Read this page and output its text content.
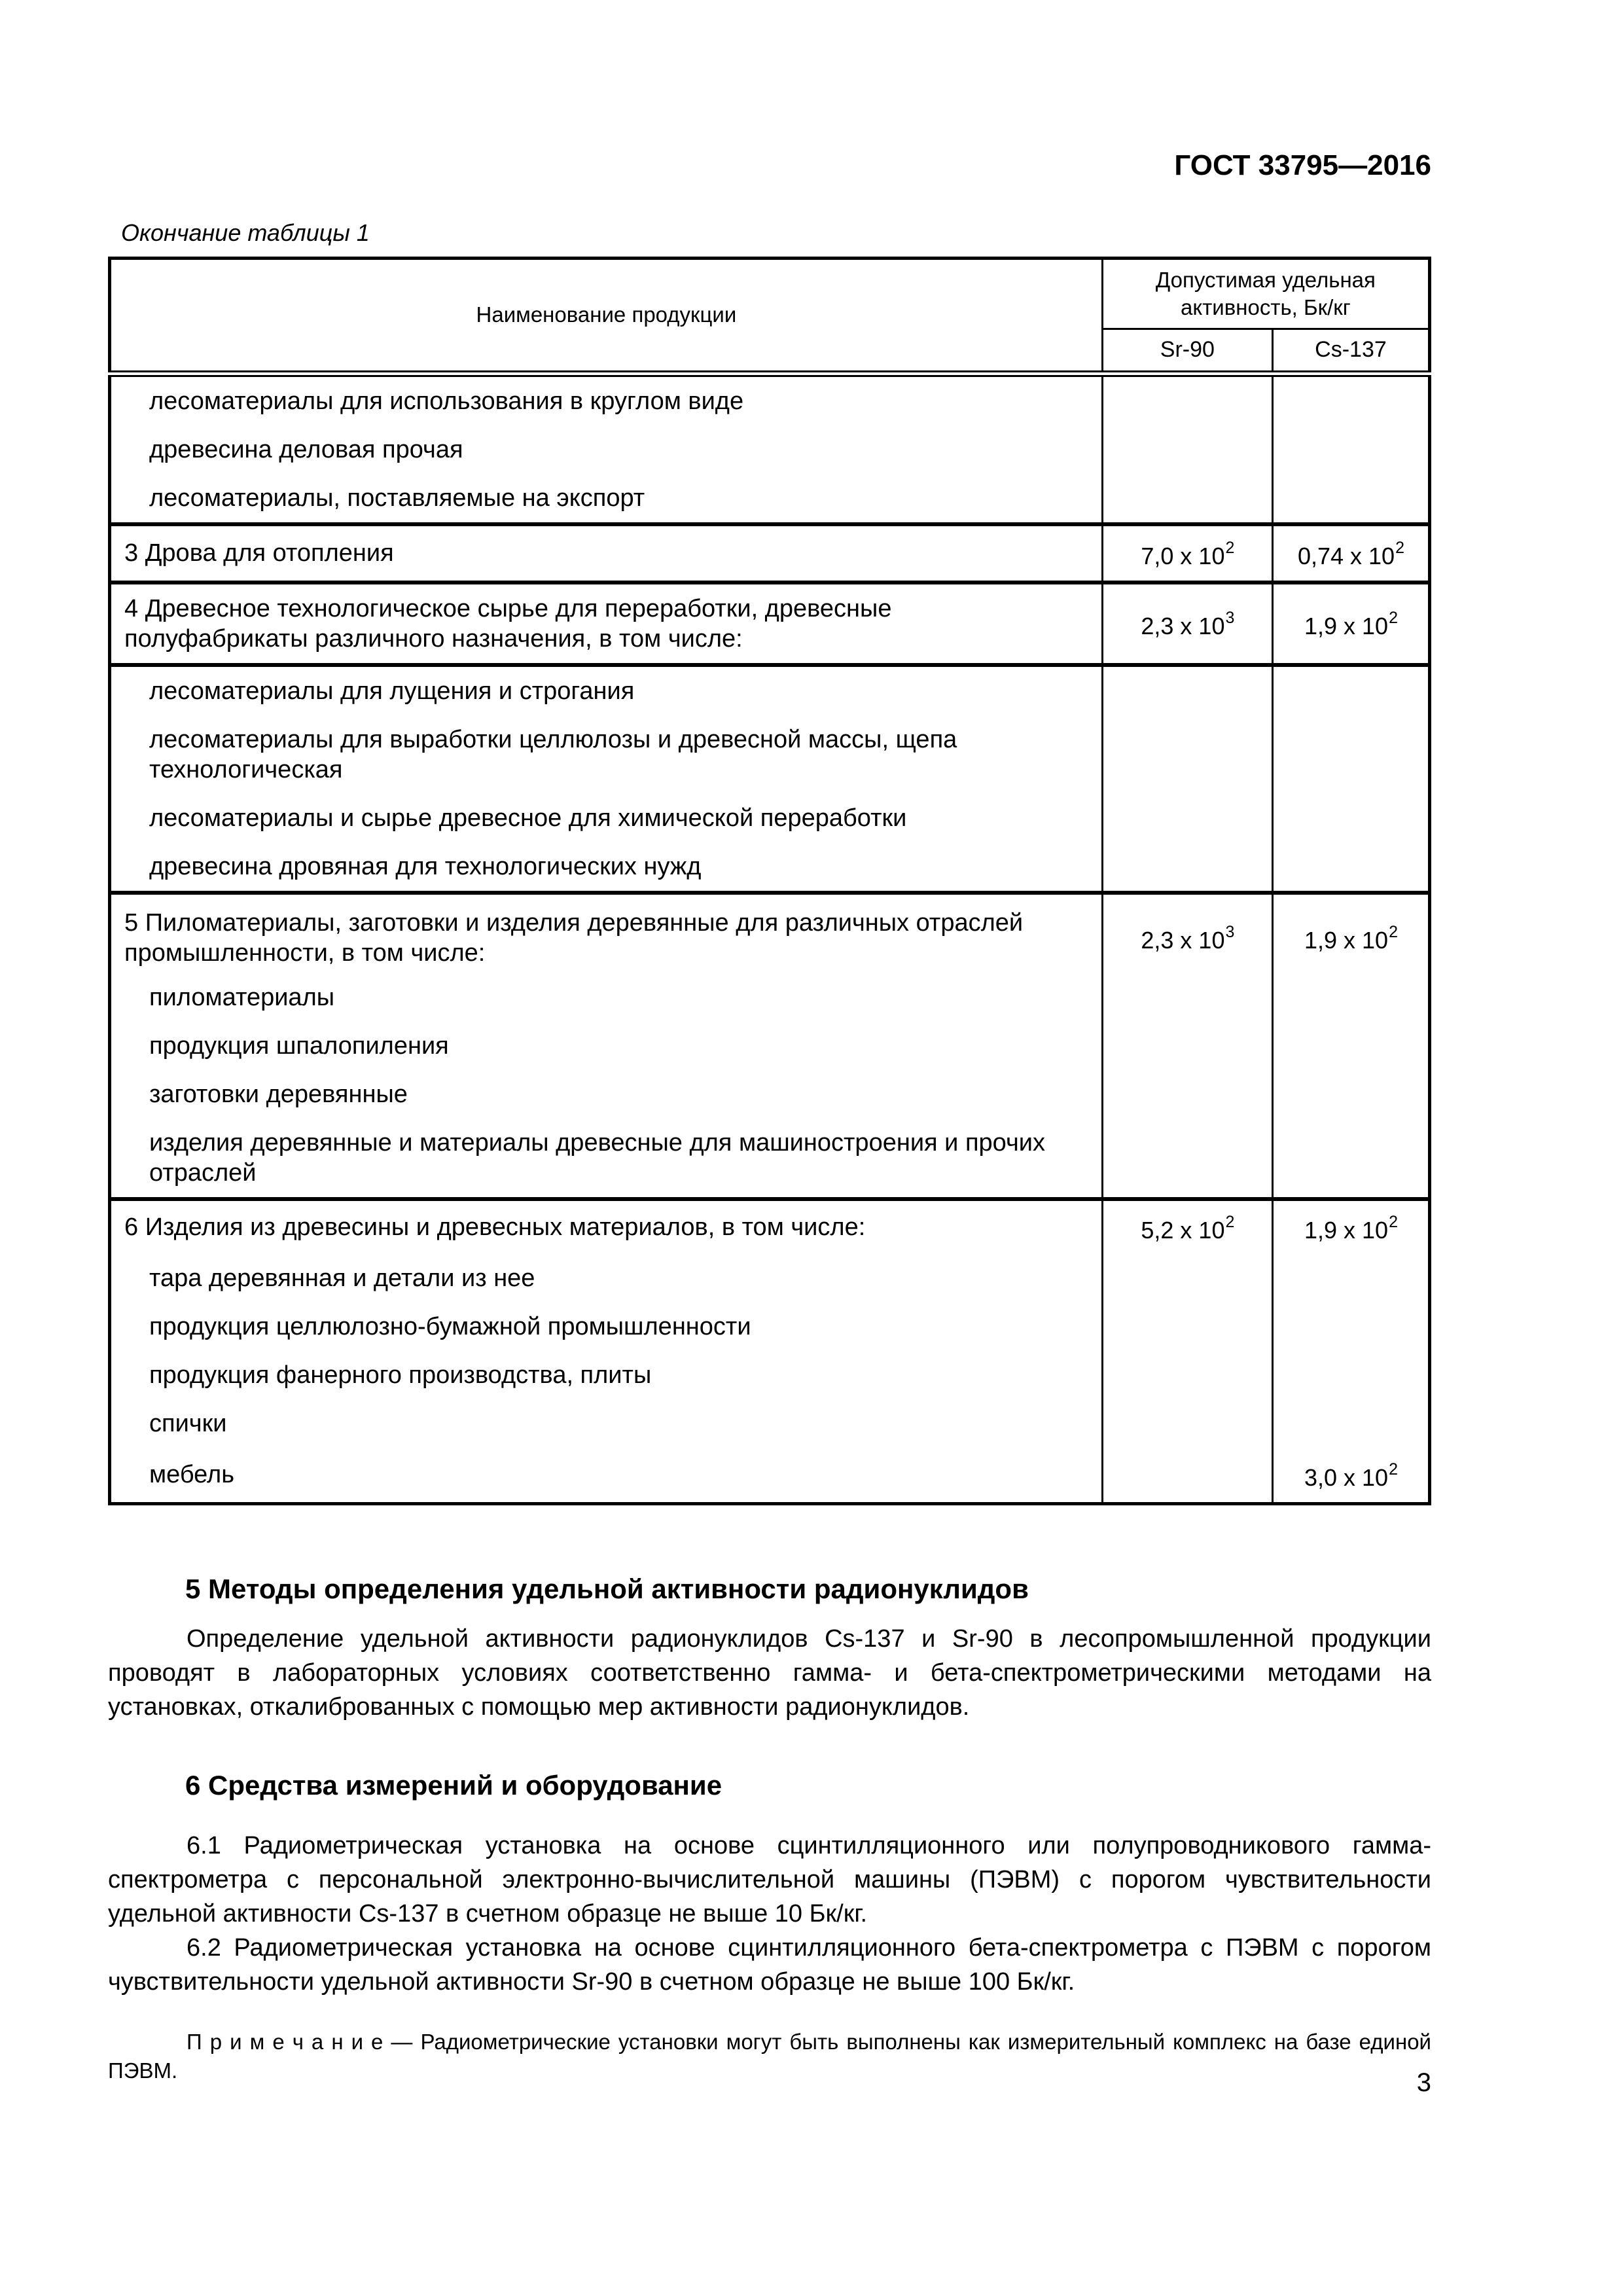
ГОСТ 33795—2016
Окончание таблицы 1
Наименование продукции	Допустимая удельная активность, Бк/кг	
	Sr-90	Cs-137
лесоматериалы для использования в круглом виде		
древесина деловая прочая		
лесоматериалы, поставляемые на экспорт		
3 Дрова для отопления	7,0 x $10^2$	0,74 x $10^2$
4 Древесное технологическое сырье для переработки, древесные полуфабрикаты различного назначения, в том числе:	2,3 x $10^3$	1,9 x $10^2$
лесоматериалы для лущения и строгания		
лесоматериалы для выработки целлюлозы и древесной массы, щепа технологическая		
лесоматериалы и сырье древесное для химической переработки		
древесина дровяная для технологических нужд		
5 Пиломатериалы, заготовки и изделия деревянные для различных отраслей промышленности, в том числе:	2,3 x $10^3$	1,9 x $10^2$
пиломатериалы		
продукция шпалопиления		
заготовки деревянные		
изделия деревянные и материалы древесные для машиностроения и прочих отраслей		
6 Изделия из древесины и древесных материалов, в том числе:	5,2 x $10^2$	1,9 x $10^2$
тара деревянная и детали из нее		
продукция целлюлозно-бумажной промышленности		
продукция фанерного производства, плиты		
спички		
мебель		3,0 x $10^2$
5 Методы определения удельной активности радионуклидов

Определение удельной активности радионуклидов Cs-137 и Sr-90 в лесопромышленной продукции проводят в лабораторных условиях соответственно гамма- и бета-спектрометрическими методами на установках, откалиброванных с помощью мер активности радионуклидов.

6 Средства измерений и оборудование

6.1 Радиометрическая установка на основе сцинтилляционного или полупроводникового гамма-спектрометра с персональной электронно-вычислительной машины (ПЭВМ) с порогом чувствительности удельной активности Cs-137 в счетном образце не выше 10 Бк/кг.

6.2 Радиометрическая установка на основе сцинтилляционного бета-спектрометра с ПЭВМ с порогом чувствительности удельной активности Sr-90 в счетном образце не выше 100 Бк/кг.

П р и м е ч а н и е — Радиометрические установки могут быть выполнены как измерительный комплекс на базе единой ПЭВМ.	3
